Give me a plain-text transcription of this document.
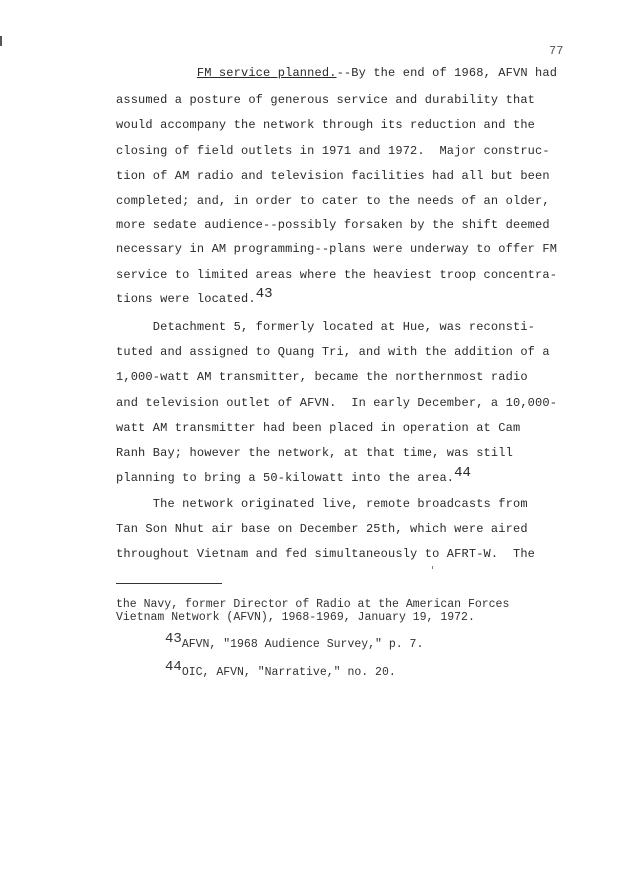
77
FM service planned.--By the end of 1968, AFVN had
assumed a posture of generous service and durability that
would accompany the network through its reduction and the
closing of field outlets in 1971 and 1972.  Major construc-
tion of AM radio and television facilities had all but been
completed; and, in order to cater to the needs of an older,
more sedate audience--possibly forsaken by the shift deemed
necessary in AM programming--plans were underway to offer FM
service to limited areas where the heaviest troop concentra-
tions were located.43
Detachment 5, formerly located at Hue, was reconsti-
tuted and assigned to Quang Tri, and with the addition of a
1,000-watt AM transmitter, became the northernmost radio
and television outlet of AFVN.  In early December, a 10,000-
watt AM transmitter had been placed in operation at Cam
Ranh Bay; however the network, at that time, was still
planning to bring a 50-kilowatt into the area.44
The network originated live, remote broadcasts from
Tan Son Nhut air base on December 25th, which were aired
throughout Vietnam and fed simultaneously to AFRT-W.  The
the Navy, former Director of Radio at the American Forces
Vietnam Network (AFVN), 1968-1969, January 19, 1972.
43AFVN, "1968 Audience Survey," p. 7.
44OIC, AFVN, "Narrative," no. 20.
